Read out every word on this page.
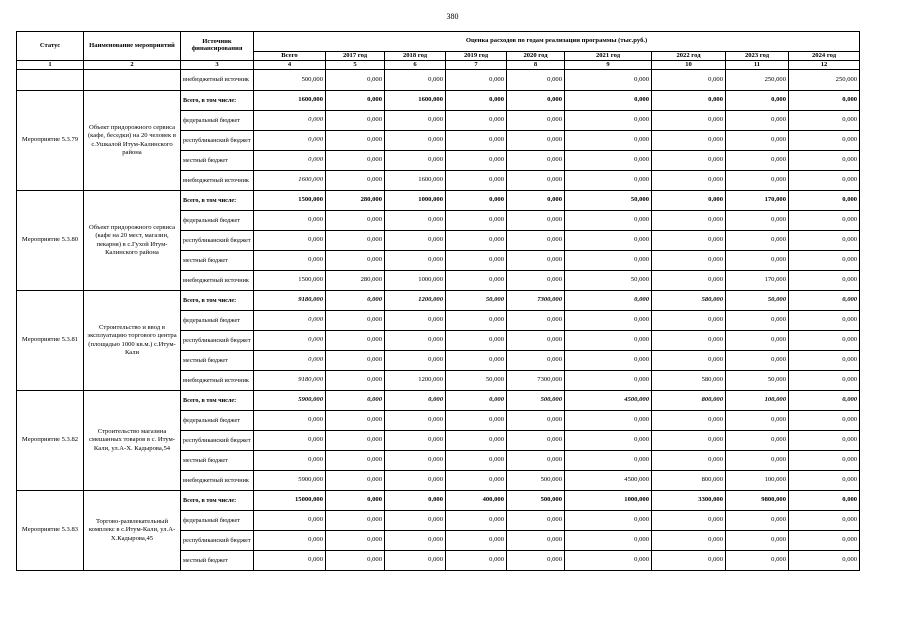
380
Статус	Наименование мероприятий	Источник финансирования	Оценка расходов по годам реализации программы (тыс.руб.)								
			Всего	2017 год	2018 год	2019 год	2020 год	2021 год	2022 год	2023 год	2024 год
1	2	3	4	5	6	7	8	9	10	11	12
		внебюджетный источник	500,000	0,000	0,000	0,000	0,000	0,000	0,000	250,000	250,000
Мероприятие 5.3.79	Объект придорожного сервиса (кафе, беседки) на 20 человек в с.Ушкалой Итум-Калинского района	Всего, в том числе:	1600,000	0,000	1600,000	0,000	0,000	0,000	0,000	0,000	0,000
		федеральный бюджет	0,000	0,000	0,000	0,000	0,000	0,000	0,000	0,000	0,000
		республиканский бюджет	0,000	0,000	0,000	0,000	0,000	0,000	0,000	0,000	0,000
		местный бюджет	0,000	0,000	0,000	0,000	0,000	0,000	0,000	0,000	0,000
		внебюджетный источник	1600,000	0,000	1600,000	0,000	0,000	0,000	0,000	0,000	0,000
Мероприятие 5.3.80	Объект придорожного сервиса (кафе на 20 мест, магазин, пекарня) в с.Гухой Итум-Калинского района	Всего, в том числе:	1500,000	280,000	1000,000	0,000	0,000	50,000	0,000	170,000	0,000
		федеральный бюджет	0,000	0,000	0,000	0,000	0,000	0,000	0,000	0,000	0,000
		республиканский бюджет	0,000	0,000	0,000	0,000	0,000	0,000	0,000	0,000	0,000
		местный бюджет	0,000	0,000	0,000	0,000	0,000	0,000	0,000	0,000	0,000
		внебюджетный источник	1500,000	280,000	1000,000	0,000	0,000	50,000	0,000	170,000	0,000
Мероприятие 5.3.81	Строительство и ввод в эксплуатацию торгового центра (площадью 1000 кв.м.) с.Итум-Кали	Всего, в том числе:	9180,000	0,000	1200,000	50,000	7300,000	0,000	580,000	50,000	0,000
		федеральный бюджет	0,000	0,000	0,000	0,000	0,000	0,000	0,000	0,000	0,000
		республиканский бюджет	0,000	0,000	0,000	0,000	0,000	0,000	0,000	0,000	0,000
		местный бюджет	0,000	0,000	0,000	0,000	0,000	0,000	0,000	0,000	0,000
		внебюджетный источник	9180,000	0,000	1200,000	50,000	7300,000	0,000	580,000	50,000	0,000
Мероприятие 5.3.82	Строительство магазина смешанных товаров в с. Итум-Кали, ул.А-Х. Кадырова,54	Всего, в том числе:	5900,000	0,000	0,000	0,000	500,000	4500,000	800,000	100,000	0,000
		федеральный бюджет	0,000	0,000	0,000	0,000	0,000	0,000	0,000	0,000	0,000
		республиканский бюджет	0,000	0,000	0,000	0,000	0,000	0,000	0,000	0,000	0,000
		местный бюджет	0,000	0,000	0,000	0,000	0,000	0,000	0,000	0,000	0,000
		внебюджетный источник	5900,000	0,000	0,000	0,000	500,000	4500,000	800,000	100,000	0,000
Мероприятие 5.3.83	Торгово-развлекательный комплекс в с.Итум-Кали, ул.А-Х.Кадырова,45	Всего, в том числе:	15000,000	0,000	0,000	400,000	500,000	1000,000	3300,000	9800,000	0,000
		федеральный бюджет	0,000	0,000	0,000	0,000	0,000	0,000	0,000	0,000	0,000
		республиканский бюджет	0,000	0,000	0,000	0,000	0,000	0,000	0,000	0,000	0,000
		местный бюджет	0,000	0,000	0,000	0,000	0,000	0,000	0,000	0,000	0,000
